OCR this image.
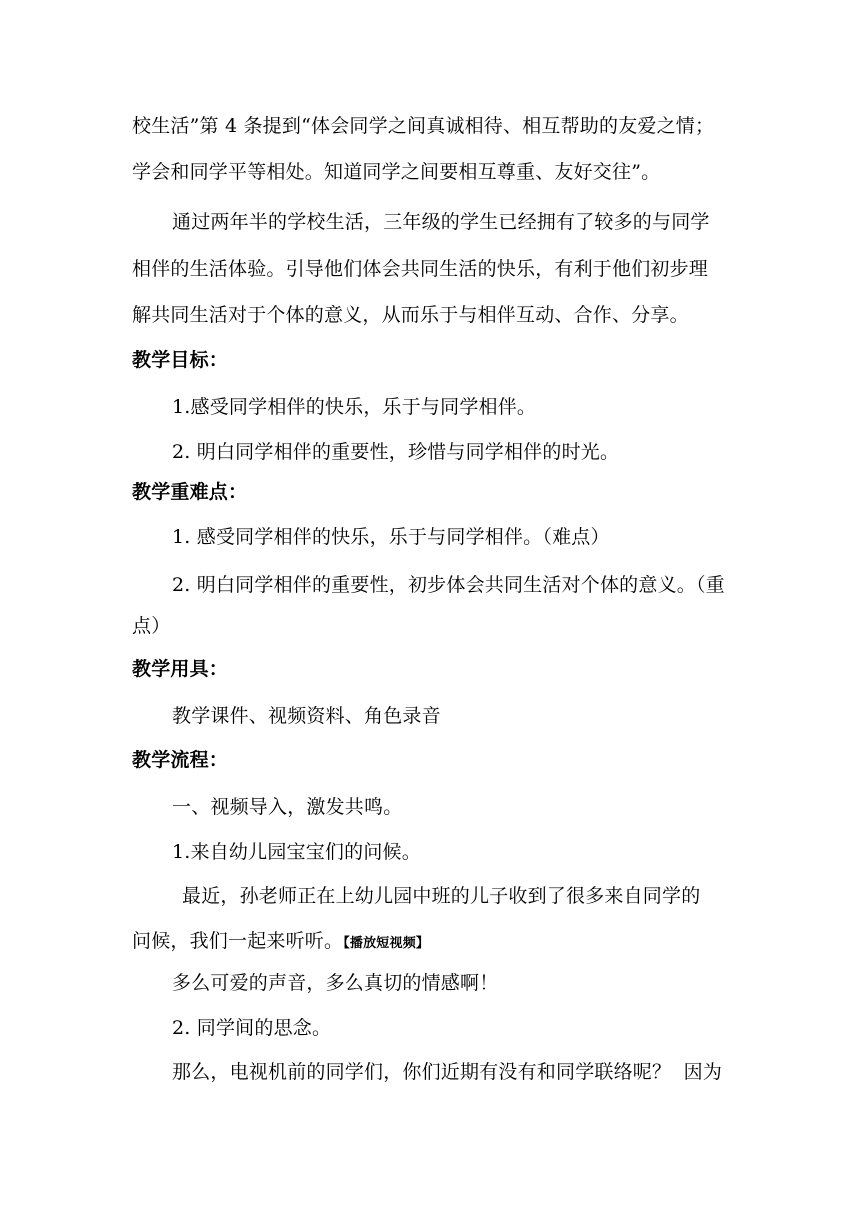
校生活”第 4 条提到“体会同学之间真诚相待、相互帮助的友爱之情；
学会和同学平等相处。知道同学之间要相互尊重、友好交往”。
通过两年半的学校生活，三年级的学生已经拥有了较多的与同学
相伴的生活体验。引导他们体会共同生活的快乐，有利于他们初步理
解共同生活对于个体的意义，从而乐于与相伴互动、合作、分享。
教学目标：
1.感受同学相伴的快乐，乐于与同学相伴。
2. 明白同学相伴的重要性，珍惜与同学相伴的时光。
教学重难点：
1. 感受同学相伴的快乐，乐于与同学相伴。（难点）
2. 明白同学相伴的重要性，初步体会共同生活对个体的意义。（重
点）
教学用具：
教学课件、视频资料、角色录音
教学流程：
一、视频导入，激发共鸣。
1.来自幼儿园宝宝们的问候。
最近，孙老师正在上幼儿园中班的儿子收到了很多来自同学的
问候，我们一起来听听。【播放短视频】
多么可爱的声音，多么真切的情感啊！
2. 同学间的思念。
那么，电视机前的同学们，你们近期有没有和同学联络呢？  因为
